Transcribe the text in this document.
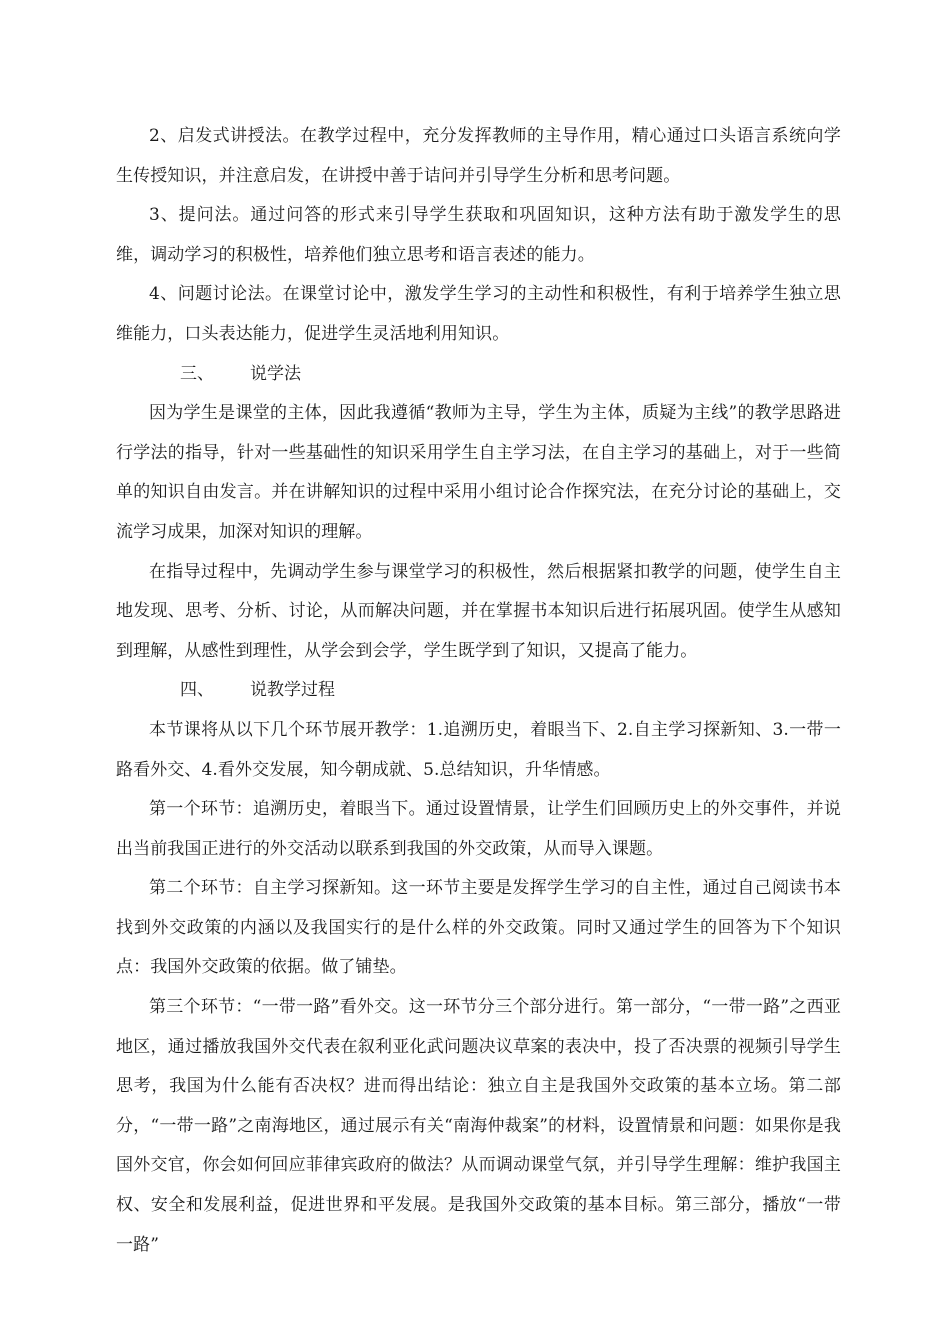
2、启发式讲授法。在教学过程中，充分发挥教师的主导作用，精心通过口头语言系统向学生传授知识，并注意启发，在讲授中善于诘问并引导学生分析和思考问题。

3、提问法。通过问答的形式来引导学生获取和巩固知识，这种方法有助于激发学生的思维，调动学习的积极性，培养他们独立思考和语言表述的能力。

4、问题讨论法。在课堂讨论中，激发学生学习的主动性和积极性，有利于培养学生独立思维能力，口头表达能力，促进学生灵活地利用知识。

三、 说学法

因为学生是课堂的主体，因此我遵循“教师为主导，学生为主体，质疑为主线”的教学思路进行学法的指导，针对一些基础性的知识采用学生自主学习法，在自主学习的基础上，对于一些简单的知识自由发言。并在讲解知识的过程中采用小组讨论合作探究法，在充分讨论的基础上，交流学习成果，加深对知识的理解。

在指导过程中，先调动学生参与课堂学习的积极性，然后根据紧扣教学的问题，使学生自主地发现、思考、分析、讨论，从而解决问题，并在掌握书本知识后进行拓展巩固。使学生从感知到理解，从感性到理性，从学会到会学，学生既学到了知识，又提高了能力。

四、 说教学过程

本节课将从以下几个环节展开教学：1.追溯历史，着眼当下、2.自主学习探新知、3.一带一路看外交、4.看外交发展，知今朝成就、5.总结知识，升华情感。

第一个环节：追溯历史，着眼当下。通过设置情景，让学生们回顾历史上的外交事件，并说出当前我国正进行的外交活动以联系到我国的外交政策，从而导入课题。

第二个环节：自主学习探新知。这一环节主要是发挥学生学习的自主性，通过自己阅读书本找到外交政策的内涵以及我国实行的是什么样的外交政策。同时又通过学生的回答为下个知识点：我国外交政策的依据。做了铺垫。

第三个环节：“一带一路”看外交。这一环节分三个部分进行。第一部分，“一带一路”之西亚地区，通过播放我国外交代表在叙利亚化武问题决议草案的表决中，投了否决票的视频引导学生思考，我国为什么能有否决权？进而得出结论：独立自主是我国外交政策的基本立场。第二部分，“一带一路”之南海地区，通过展示有关“南海仲裁案”的材料，设置情景和问题：如果你是我国外交官，你会如何回应菲律宾政府的做法？从而调动课堂气氛，并引导学生理解：维护我国主权、安全和发展利益，促进世界和平发展。是我国外交政策的基本目标。第三部分，播放“一带一路”
